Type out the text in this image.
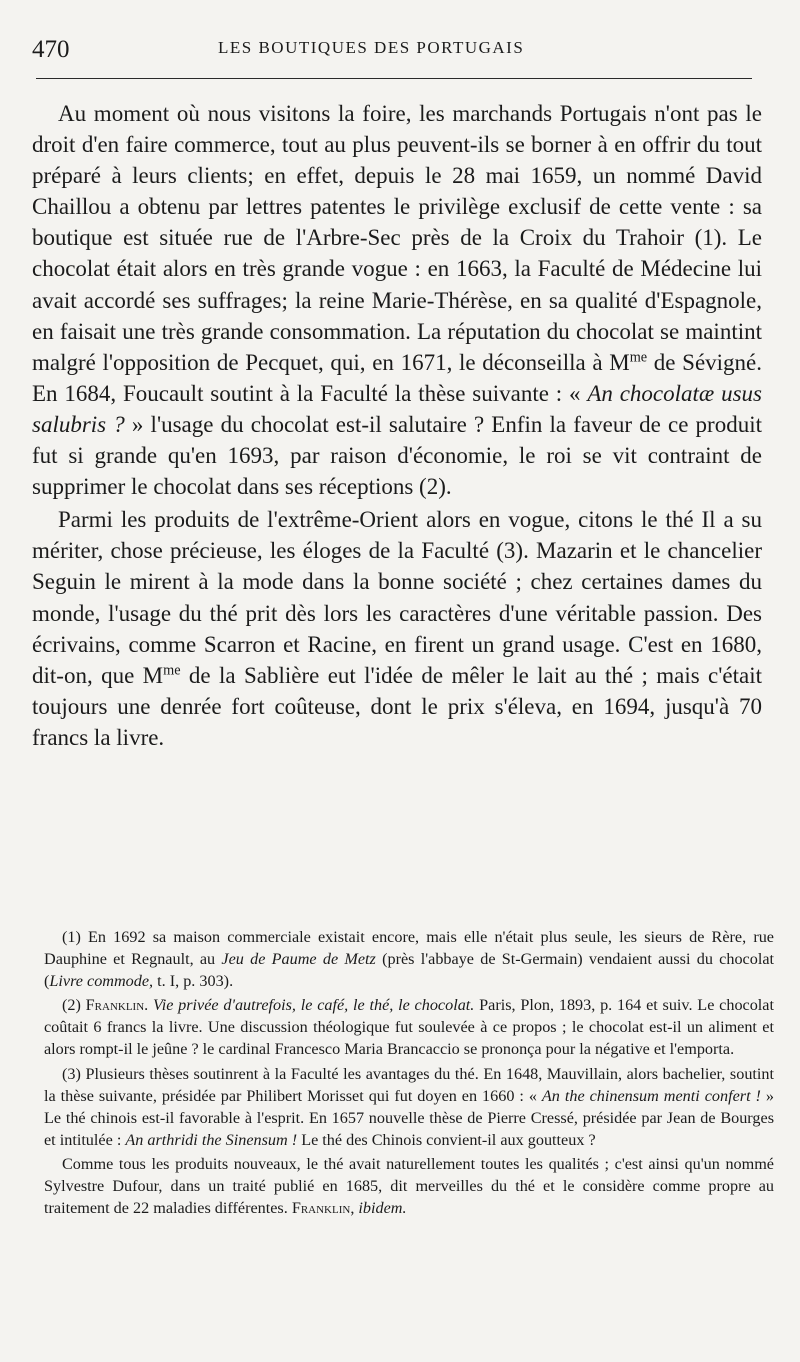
470	LES BOUTIQUES DES PORTUGAIS

Au moment où nous visitons la foire, les marchands Portugais n'ont pas le droit d'en faire commerce, tout au plus peuvent-ils se borner à en offrir du tout préparé à leurs clients; en effet, depuis le 28 mai 1659, un nommé David Chaillou a obtenu par lettres patentes le privilège exclusif de cette vente : sa boutique est située rue de l'Arbre-Sec près de la Croix du Trahoir (1). Le chocolat était alors en très grande vogue : en 1663, la Faculté de Médecine lui avait accordé ses suffrages; la reine Marie-Thérèse, en sa qualité d'Espagnole, en faisait une très grande consommation. La réputation du chocolat se maintint malgré l'opposition de Pecquet, qui, en 1671, le déconseilla à $M^{me}$ de Sévigné. En 1684, Foucault soutint à la Faculté la thèse suivante : « An chocolatæ usus salubris ? » l'usage du chocolat est-il salutaire ? Enfin la faveur de ce produit fut si grande qu'en 1693, par raison d'économie, le roi se vit contraint de supprimer le chocolat dans ses réceptions (2).

Parmi les produits de l'extrême-Orient alors en vogue, citons le thé Il a su mériter, chose précieuse, les éloges de la Faculté (3). Mazarin et le chancelier Seguin le mirent à la mode dans la bonne société ; chez certaines dames du monde, l'usage du thé prit dès lors les caractères d'une véritable passion. Des écrivains, comme Scarron et Racine, en firent un grand usage. C'est en 1680, dit-on, que $M^{me}$ de la Sablière eut l'idée de mêler le lait au thé ; mais c'était toujours une denrée fort coûteuse, dont le prix s'éleva, en 1694, jusqu'à 70 francs la livre.

(1) En 1692 sa maison commerciale existait encore, mais elle n'était plus seule, les sieurs de Rère, rue Dauphine et Regnault, au Jeu de Paume de Metz (près l'abbaye de St-Germain) vendaient aussi du chocolat (Livre commode, t. I, p. 303).

(2) Franklin. Vie privée d'autrefois, le café, le thé, le chocolat. Paris, Plon, 1893, p. 164 et suiv. Le chocolat coûtait 6 francs la livre. Une discussion théologique fut soulevée à ce propos ; le chocolat est-il un aliment et alors rompt-il le jeûne ? le cardinal Francesco Maria Brancaccio se prononça pour la négative et l'emporta.

(3) Plusieurs thèses soutinrent à la Faculté les avantages du thé. En 1648, Mauvillain, alors bachelier, soutint la thèse suivante, présidée par Philibert Morisset qui fut doyen en 1660 : « An the chinensum menti confert ! » Le thé chinois est-il favorable à l'esprit. En 1657 nouvelle thèse de Pierre Cressé, présidée par Jean de Bourges et intitulée : An arthridi the Sinensum ! Le thé des Chinois convient-il aux goutteux ?

Comme tous les produits nouveaux, le thé avait naturellement toutes les qualités ; c'est ainsi qu'un nommé Sylvestre Dufour, dans un traité publié en 1685, dit merveilles du thé et le considère comme propre au traitement de 22 maladies différentes. Franklin, ibidem.
